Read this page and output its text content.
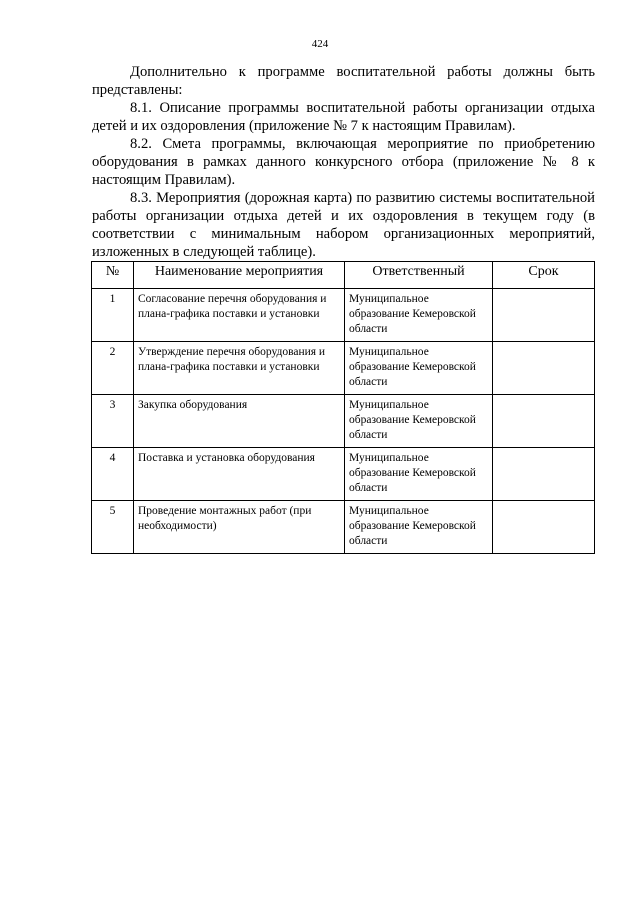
424

Дополнительно к программе воспитательной работы должны быть представлены:

8.1. Описание программы воспитательной работы организации отдыха детей и их оздоровления (приложение № 7 к настоящим Правилам).

8.2. Смета программы, включающая мероприятие по приобретению оборудования в рамках данного конкурсного отбора (приложение № 8 к настоящим Правилам).

8.3. Мероприятия (дорожная карта) по развитию системы воспитательной работы организации отдыха детей и их оздоровления в текущем году (в соответствии с минимальным набором организационных мероприятий, изложенных в следующей таблице).

№	Наименование мероприятия	Ответственный	Срок
1	Согласование перечня оборудования и плана-графика поставки и установки	Муниципальное образование Кемеровской области	
2	Утверждение перечня оборудования и плана-графика поставки и установки	Муниципальное образование Кемеровской области	
3	Закупка оборудования	Муниципальное образование Кемеровской области	
4	Поставка и установка оборудования	Муниципальное образование Кемеровской области	
5	Проведение монтажных работ (при необходимости)	Муниципальное образование Кемеровской области	
